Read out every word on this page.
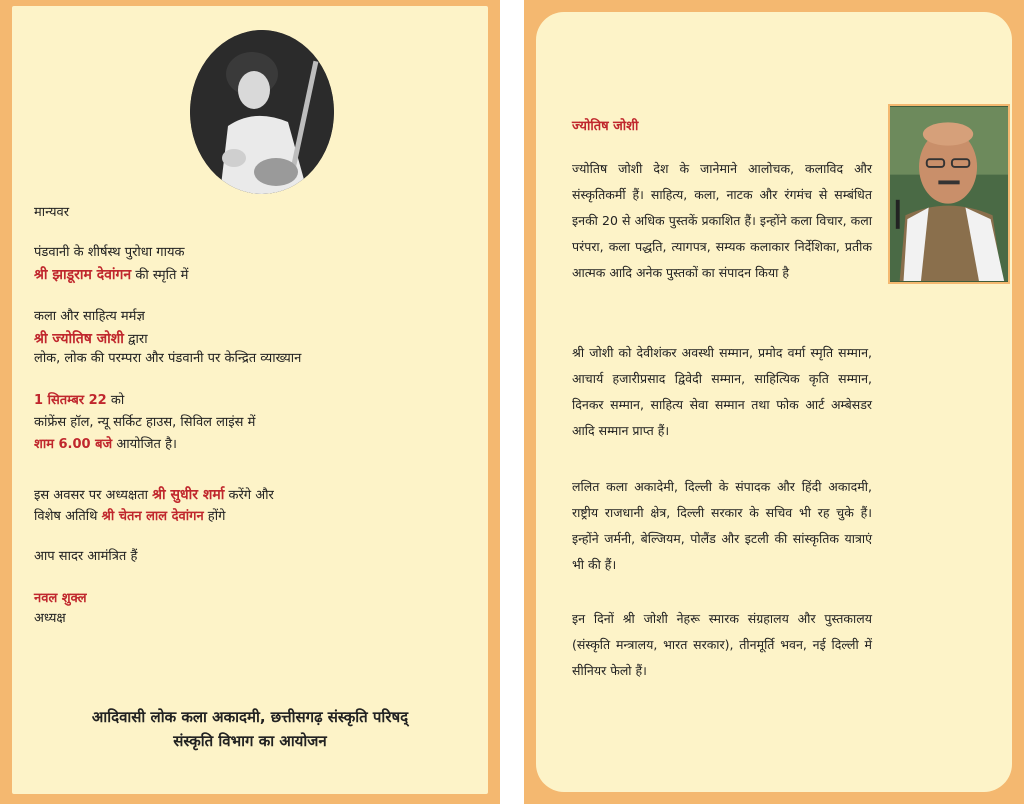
मान्यवर
पंडवानी के शीर्षस्थ पुरोधा गायक
श्री झाडूराम देवांगन की स्मृति में
कला और साहित्य मर्मज्ञ
श्री ज्योतिष जोशी द्वारा
लोक, लोक की परम्परा और पंडवानी पर केन्द्रित व्याख्यान
1 सितम्बर 22 को
कांफ्रेंस हॉल, न्यू सर्किट हाउस, सिविल लाइंस में
शाम 6.00 बजे आयोजित है।
इस अवसर पर अध्यक्षता श्री सुधीर शर्मा करेंगे और
विशेष अतिथि श्री चेतन लाल देवांगन होंगे
आप सादर आमंत्रित हैं
नवल शुक्ल
अध्यक्ष
आदिवासी लोक कला अकादमी, छत्तीसगढ़ संस्कृति परिषद्
संस्कृति विभाग का आयोजन
ज्योतिष जोशी
ज्योतिष जोशी देश के जानेमाने आलोचक, कलाविद और संस्कृतिकर्मी हैं। साहित्य, कला, नाटक और रंगमंच से सम्बंधित इनकी 20 से अधिक पुस्तकें प्रकाशित हैं। इन्होंने कला विचार, कला परंपरा, कला पद्धति, त्यागपत्र, सम्यक कलाकार निर्देशिका, प्रतीक आत्मक आदि अनेक पुस्तकों का संपादन किया है
श्री जोशी को देवीशंकर अवस्थी सम्मान, प्रमोद वर्मा स्मृति सम्मान, आचार्य हजारीप्रसाद द्विवेदी सम्मान, साहित्यिक कृति सम्मान, दिनकर सम्मान, साहित्य सेवा सम्मान तथा फोक आर्ट अम्बेसडर आदि सम्मान प्राप्त हैं।
ललित कला अकादेमी, दिल्ली के संपादक और हिंदी अकादमी, राष्ट्रीय राजधानी क्षेत्र, दिल्ली सरकार के सचिव भी रह चुके हैं। इन्होंने जर्मनी, बेल्जियम, पोलैंड और इटली की सांस्कृतिक यात्राएं भी की हैं।
इन दिनों श्री जोशी नेहरू स्मारक संग्रहालय और पुस्तकालय (संस्कृति मन्त्रालय, भारत सरकार), तीनमूर्ति भवन, नई दिल्ली में सीनियर फेलो हैं।
